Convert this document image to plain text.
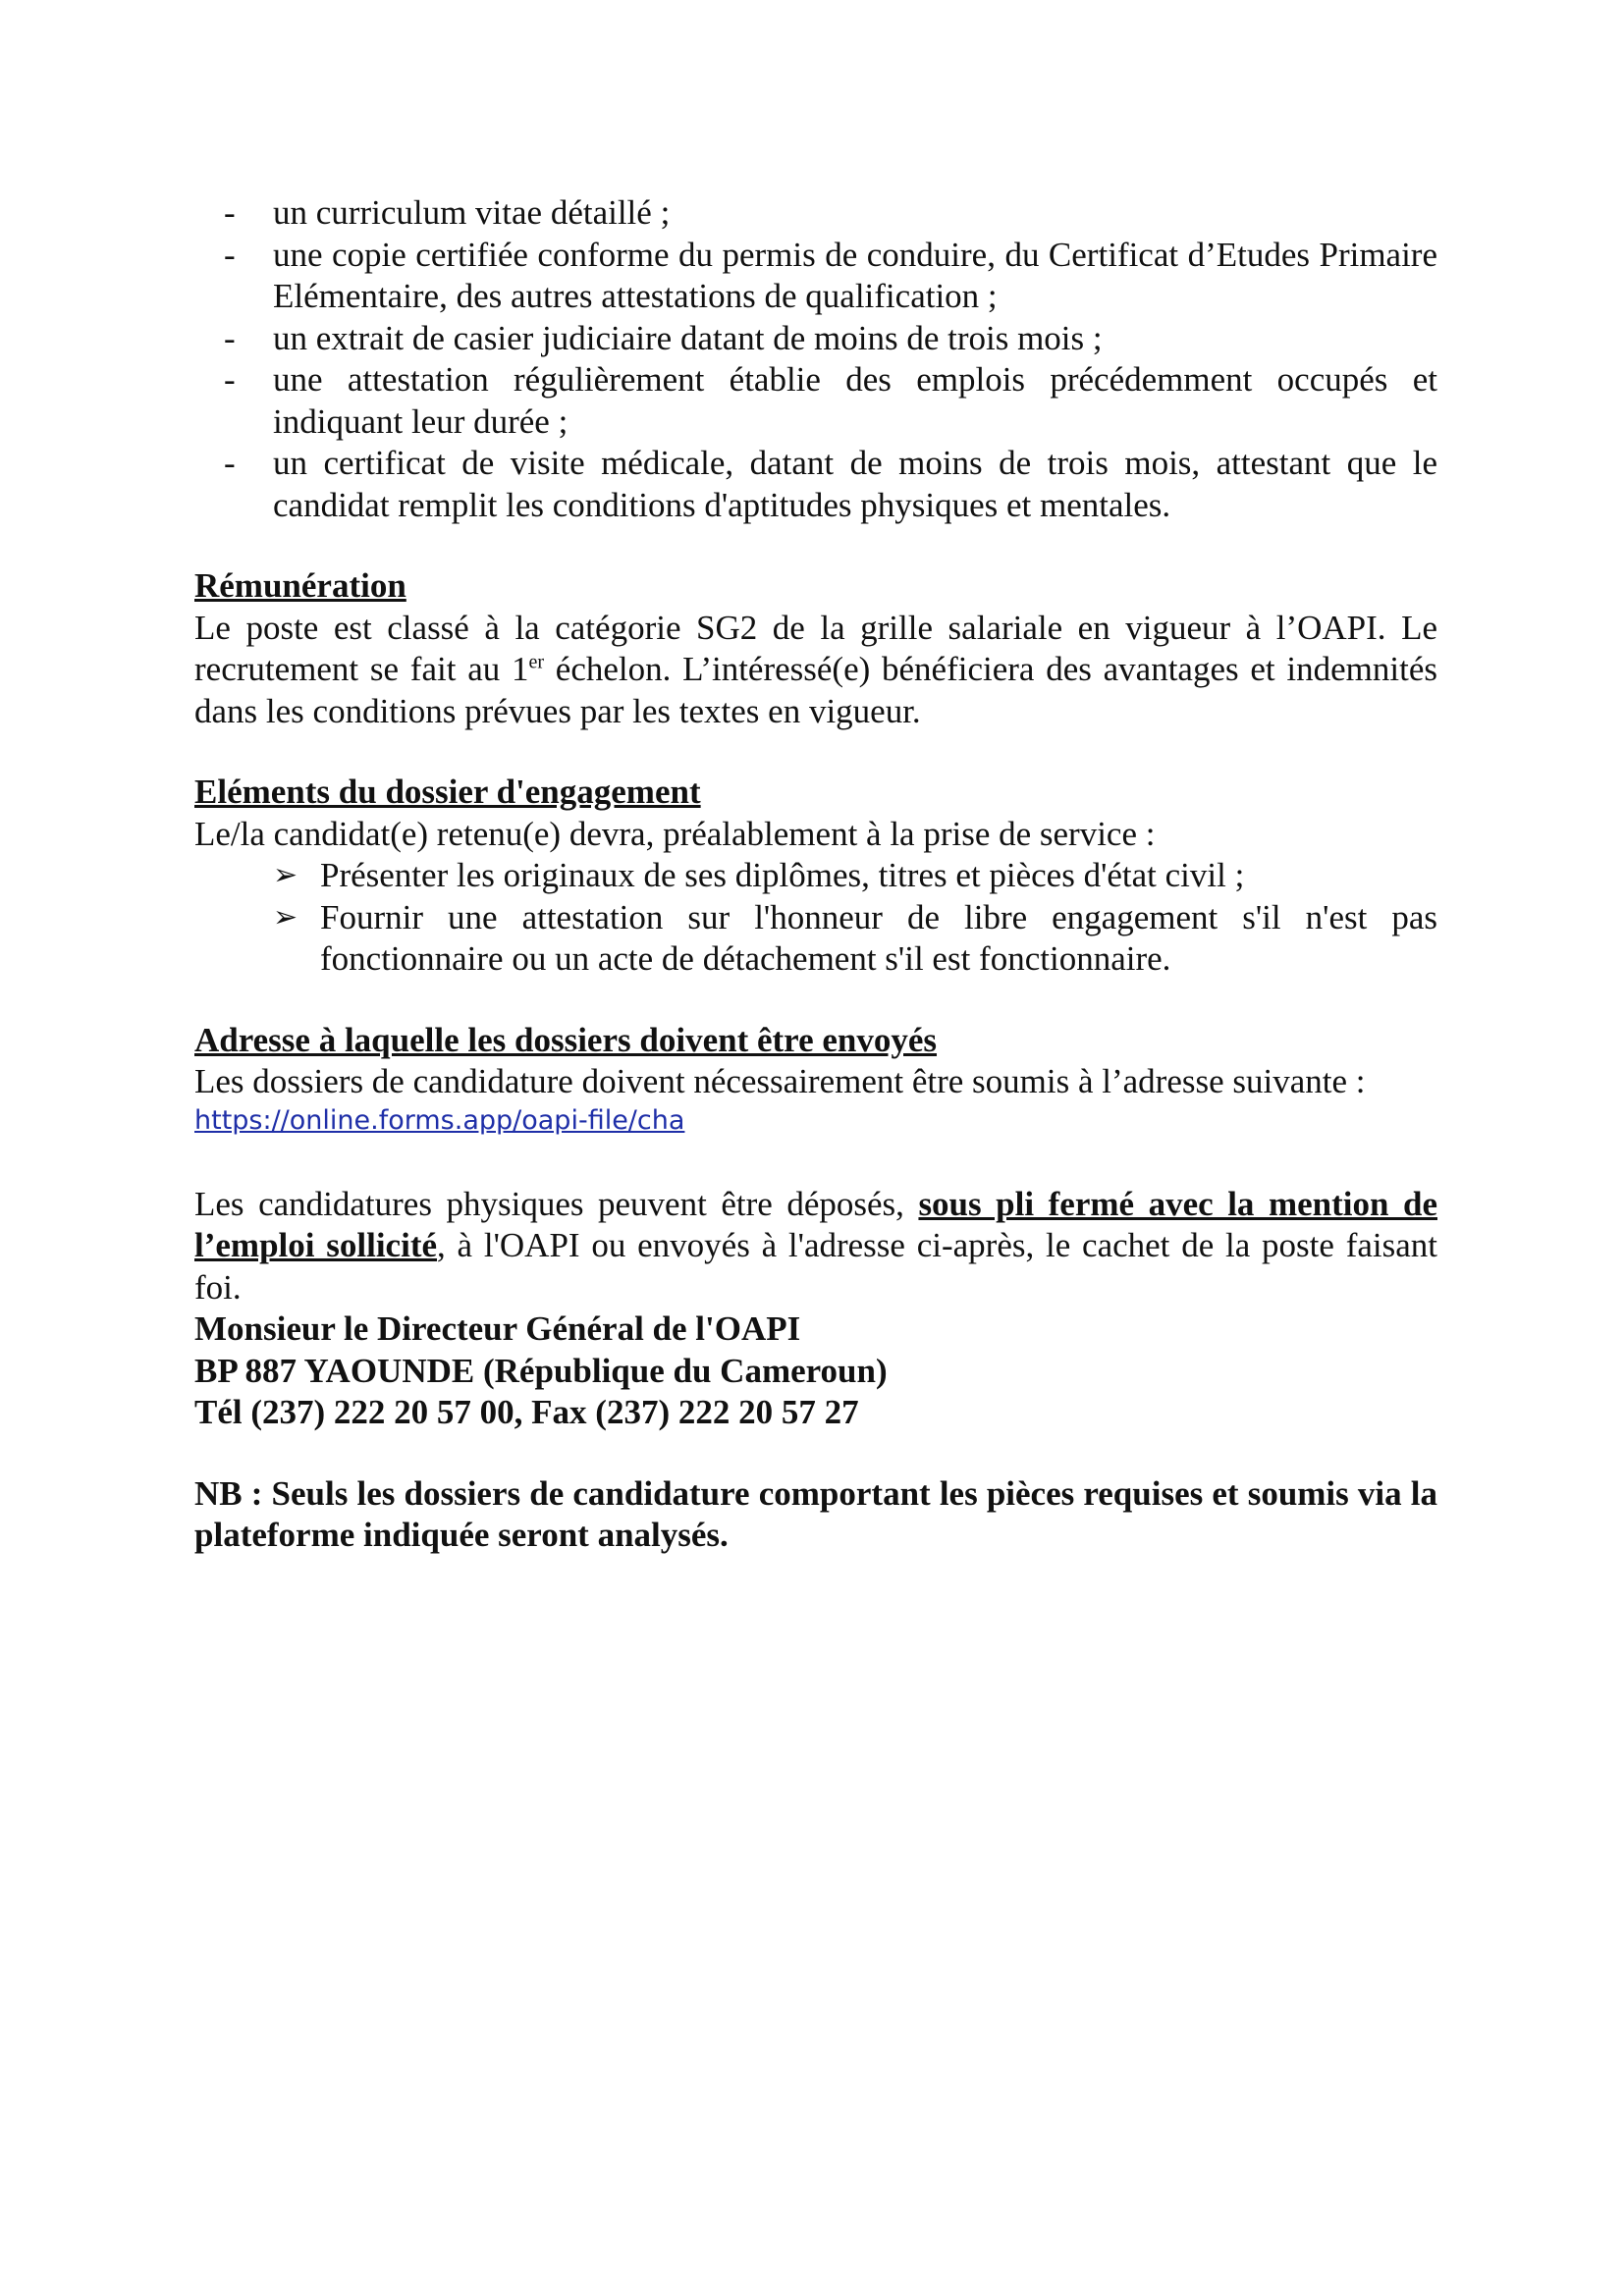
- un curriculum vitae détaillé ;
- une copie certifiée conforme du permis de conduire, du Certificat d’Etudes Primaire Elémentaire, des autres attestations de qualification ;
- un extrait de casier judiciaire datant de moins de trois mois ;
- une attestation régulièrement établie des emplois précédemment occupés et indiquant leur durée ;
- un certificat de visite médicale, datant de moins de trois mois, attestant que le candidat remplit les conditions d'aptitudes physiques et mentales.

Rémunération

Le poste est classé à la catégorie SG2 de la grille salariale en vigueur à l’OAPI. Le recrutement se fait au 1er échelon. L’intéressé(e) bénéficiera des avantages et indemnités dans les conditions prévues par les textes en vigueur.

Eléments du dossier d'engagement

Le/la candidat(e) retenu(e) devra, préalablement à la prise de service :

➢ Présenter les originaux de ses diplômes, titres et pièces d'état civil ;
➢ Fournir une attestation sur l'honneur de libre engagement s'il n'est pas fonctionnaire ou un acte de détachement s'il est fonctionnaire.

Adresse à laquelle les dossiers doivent être envoyés

Les dossiers de candidature doivent nécessairement être soumis à l’adresse suivante :

https://online.forms.app/oapi-file/cha

Les candidatures physiques peuvent être déposés, sous pli fermé avec la mention de l’emploi sollicité, à l'OAPI ou envoyés à l'adresse ci-après, le cachet de la poste faisant foi.

Monsieur le Directeur Général de l'OAPI

BP 887 YAOUNDE (République du Cameroun)

Tél (237) 222 20 57 00, Fax (237) 222 20 57 27

NB : Seuls les dossiers de candidature comportant les pièces requises et soumis via la plateforme indiquée seront analysés.
